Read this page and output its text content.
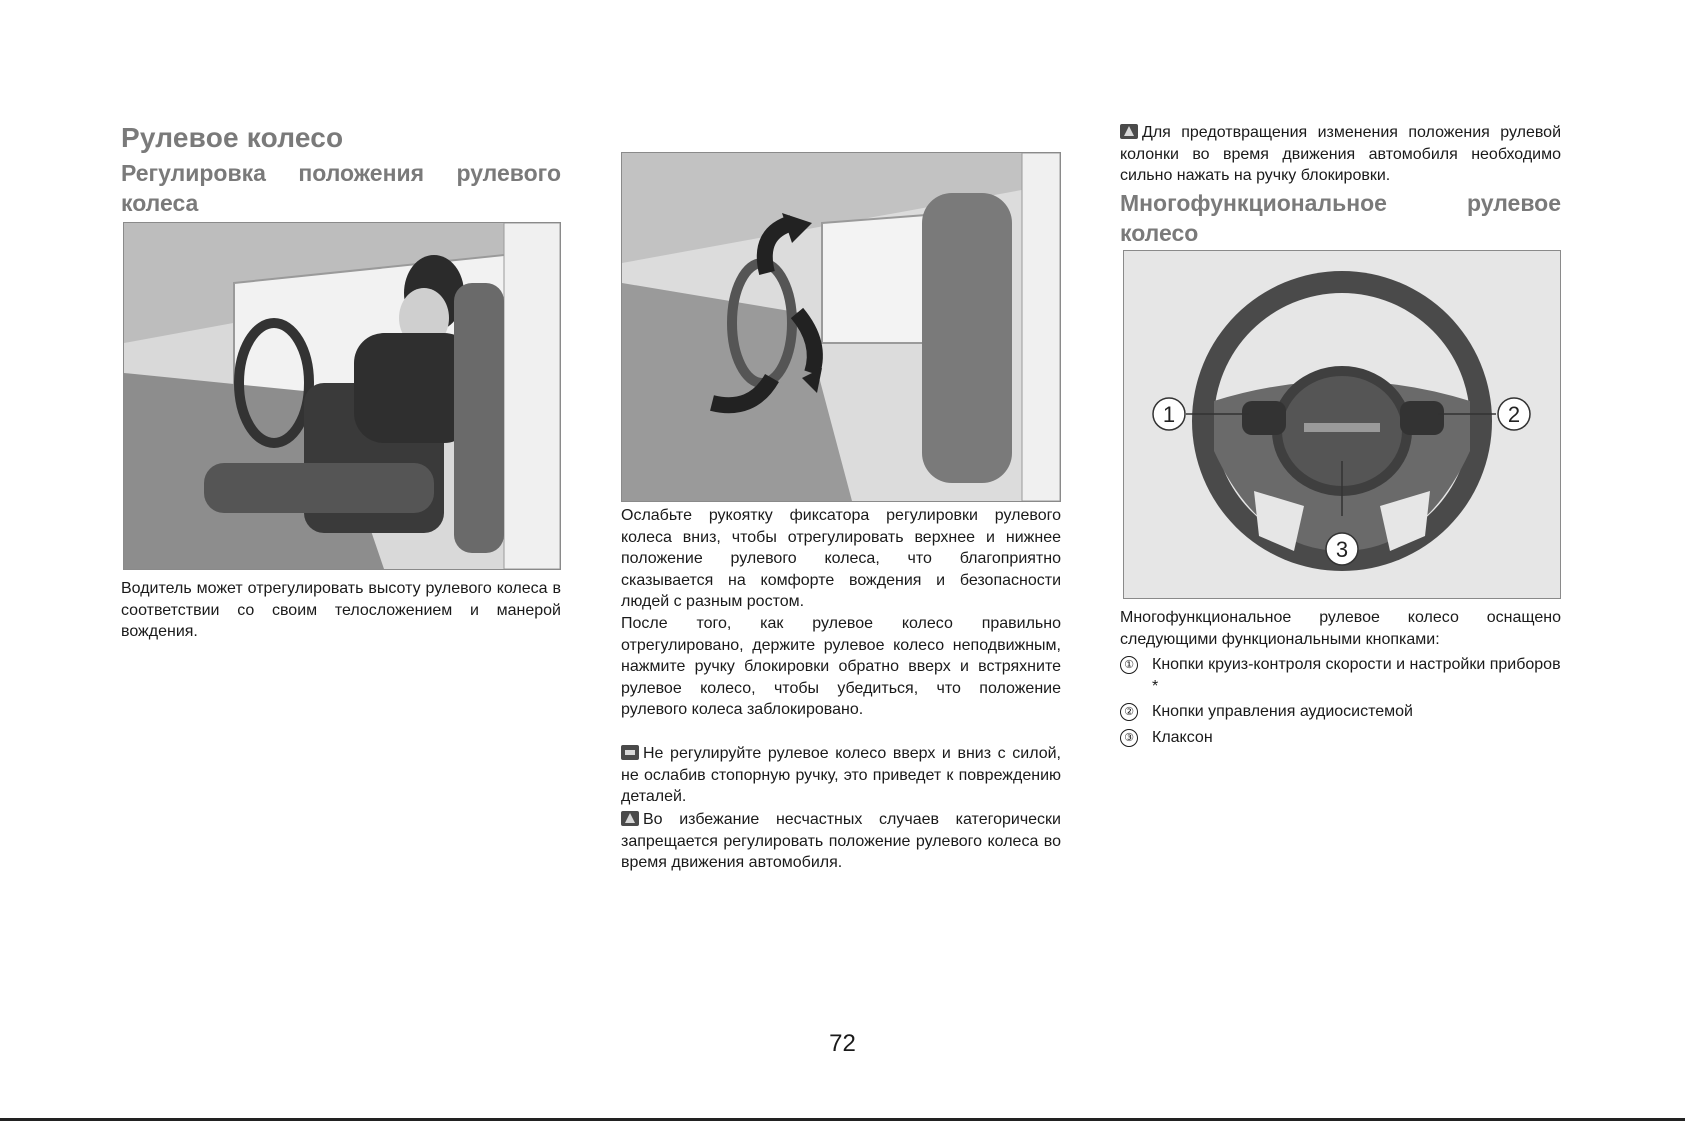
Рулевое колесо
Регулировка положения рулевого колеса

Водитель может отрегулировать высоту рулевого колеса в соответствии со своим телосложением и манерой вождения.

Ослабьте рукоятку фиксатора регулировки рулевого колеса вниз, чтобы отрегулировать верхнее и нижнее положение рулевого колеса, что благоприятно сказывается на комфорте вождения и безопасности людей с разным ростом.

После того, как рулевое колесо правильно отрегулировано, держите рулевое колесо неподвижным, нажмите ручку блокировки обратно вверх и встряхните рулевое колесо, чтобы убедиться, что положение рулевого колеса заблокировано.

Не регулируйте рулевое колесо вверх и вниз с силой, не ослабив стопорную ручку, это приведет к повреждению деталей.

Во избежание несчастных случаев категорически запрещается регулировать положение рулевого колеса во время движения автомобиля.

Для предотвращения изменения положения рулевой колонки во время движения автомобиля необходимо сильно нажать на ручку блокировки.

Многофункциональное рулевое колесо
1	2
3

Многофункциональное рулевое колесо оснащено следующими функциональными кнопками:

① Кнопки круиз-контроля скорости и настройки приборов *
② Кнопки управления аудиосистемой
③ Клаксон
72
